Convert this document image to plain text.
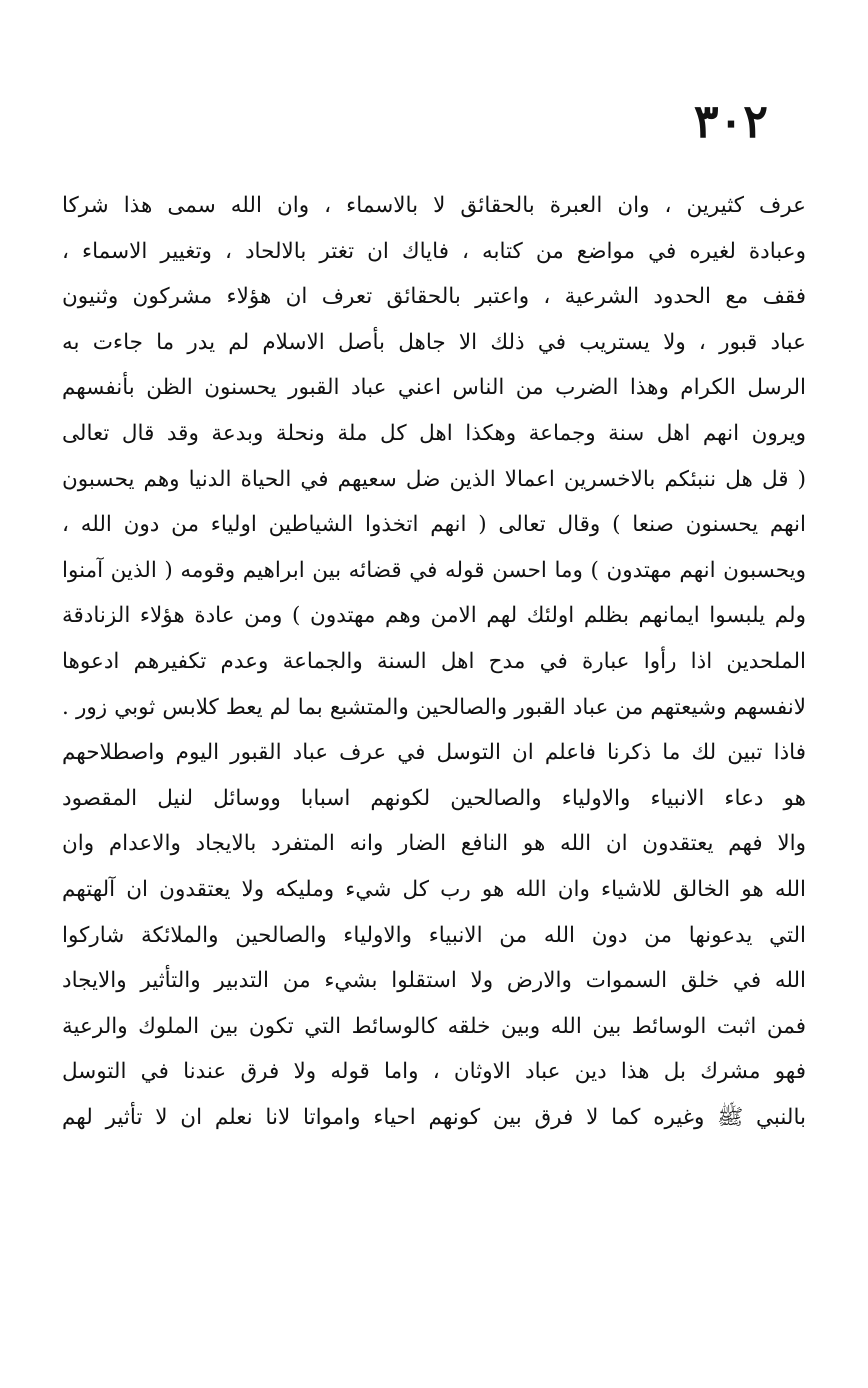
٣٠٢
عرف كثيرين ، وان العبرة بالحقائق لا بالاسماء ، وان الله سمى هذا شركا
وعبادة لغيره في مواضع من كتابه ، فاياك ان تغتر بالالحاد ، وتغيير الاسماء ،
فقف مع الحدود الشرعية ، واعتبر بالحقائق تعرف ان هؤلاء مشركون وثنيون
عباد قبور ، ولا يستريب في ذلك الا جاهل بأصل الاسلام لم يدر ما جاءت به
الرسل الكرام وهذا الضرب من الناس اعني عباد القبور يحسنون الظن بأنفسهم
ويرون انهم اهل سنة وجماعة وهكذا اهل كل ملة ونحلة وبدعة وقد قال تعالى
( قل هل ننبئكم بالاخسرين اعمالا الذين ضل سعيهم في الحياة الدنيا وهم يحسبون
انهم يحسنون صنعا ) وقال تعالى ( انهم اتخذوا الشياطين اولياء من دون الله ،
ويحسبون انهم مهتدون ) وما احسن قوله في قضائه بين ابراهيم وقومه ( الذين آمنوا
ولم يلبسوا ايمانهم بظلم اولئك لهم الامن وهم مهتدون ) ومن عادة هؤلاء الزنادقة
الملحدين اذا رأوا عبارة في مدح اهل السنة والجماعة وعدم تكفيرهم ادعوها
لانفسهم وشيعتهم من عباد القبور والصالحين والمتشبع بما لم يعط كلابس ثوبي زور .
فاذا تبين لك ما ذكرنا فاعلم ان التوسل في عرف عباد القبور اليوم واصطلاحهم
هو دعاء الانبياء والاولياء والصالحين لكونهم اسبابا ووسائل لنيل المقصود
والا فهم يعتقدون ان الله هو النافع الضار وانه المتفرد بالايجاد والاعدام وان
الله هو الخالق للاشياء وان الله هو رب كل شيء ومليكه ولا يعتقدون ان آلهتهم
التي يدعونها من دون الله من الانبياء والاولياء والصالحين والملائكة شاركوا
الله في خلق السموات والارض ولا استقلوا بشيء من التدبير والتأثير والايجاد
فمن اثبت الوسائط بين الله وبين خلقه كالوسائط التي تكون بين الملوك والرعية
فهو مشرك بل هذا دين عباد الاوثان ، واما قوله ولا فرق عندنا في التوسل
بالنبي ﷺ وغيره كما لا فرق بين كونهم احياء وامواتا لانا نعلم ان لا تأثير لهم
